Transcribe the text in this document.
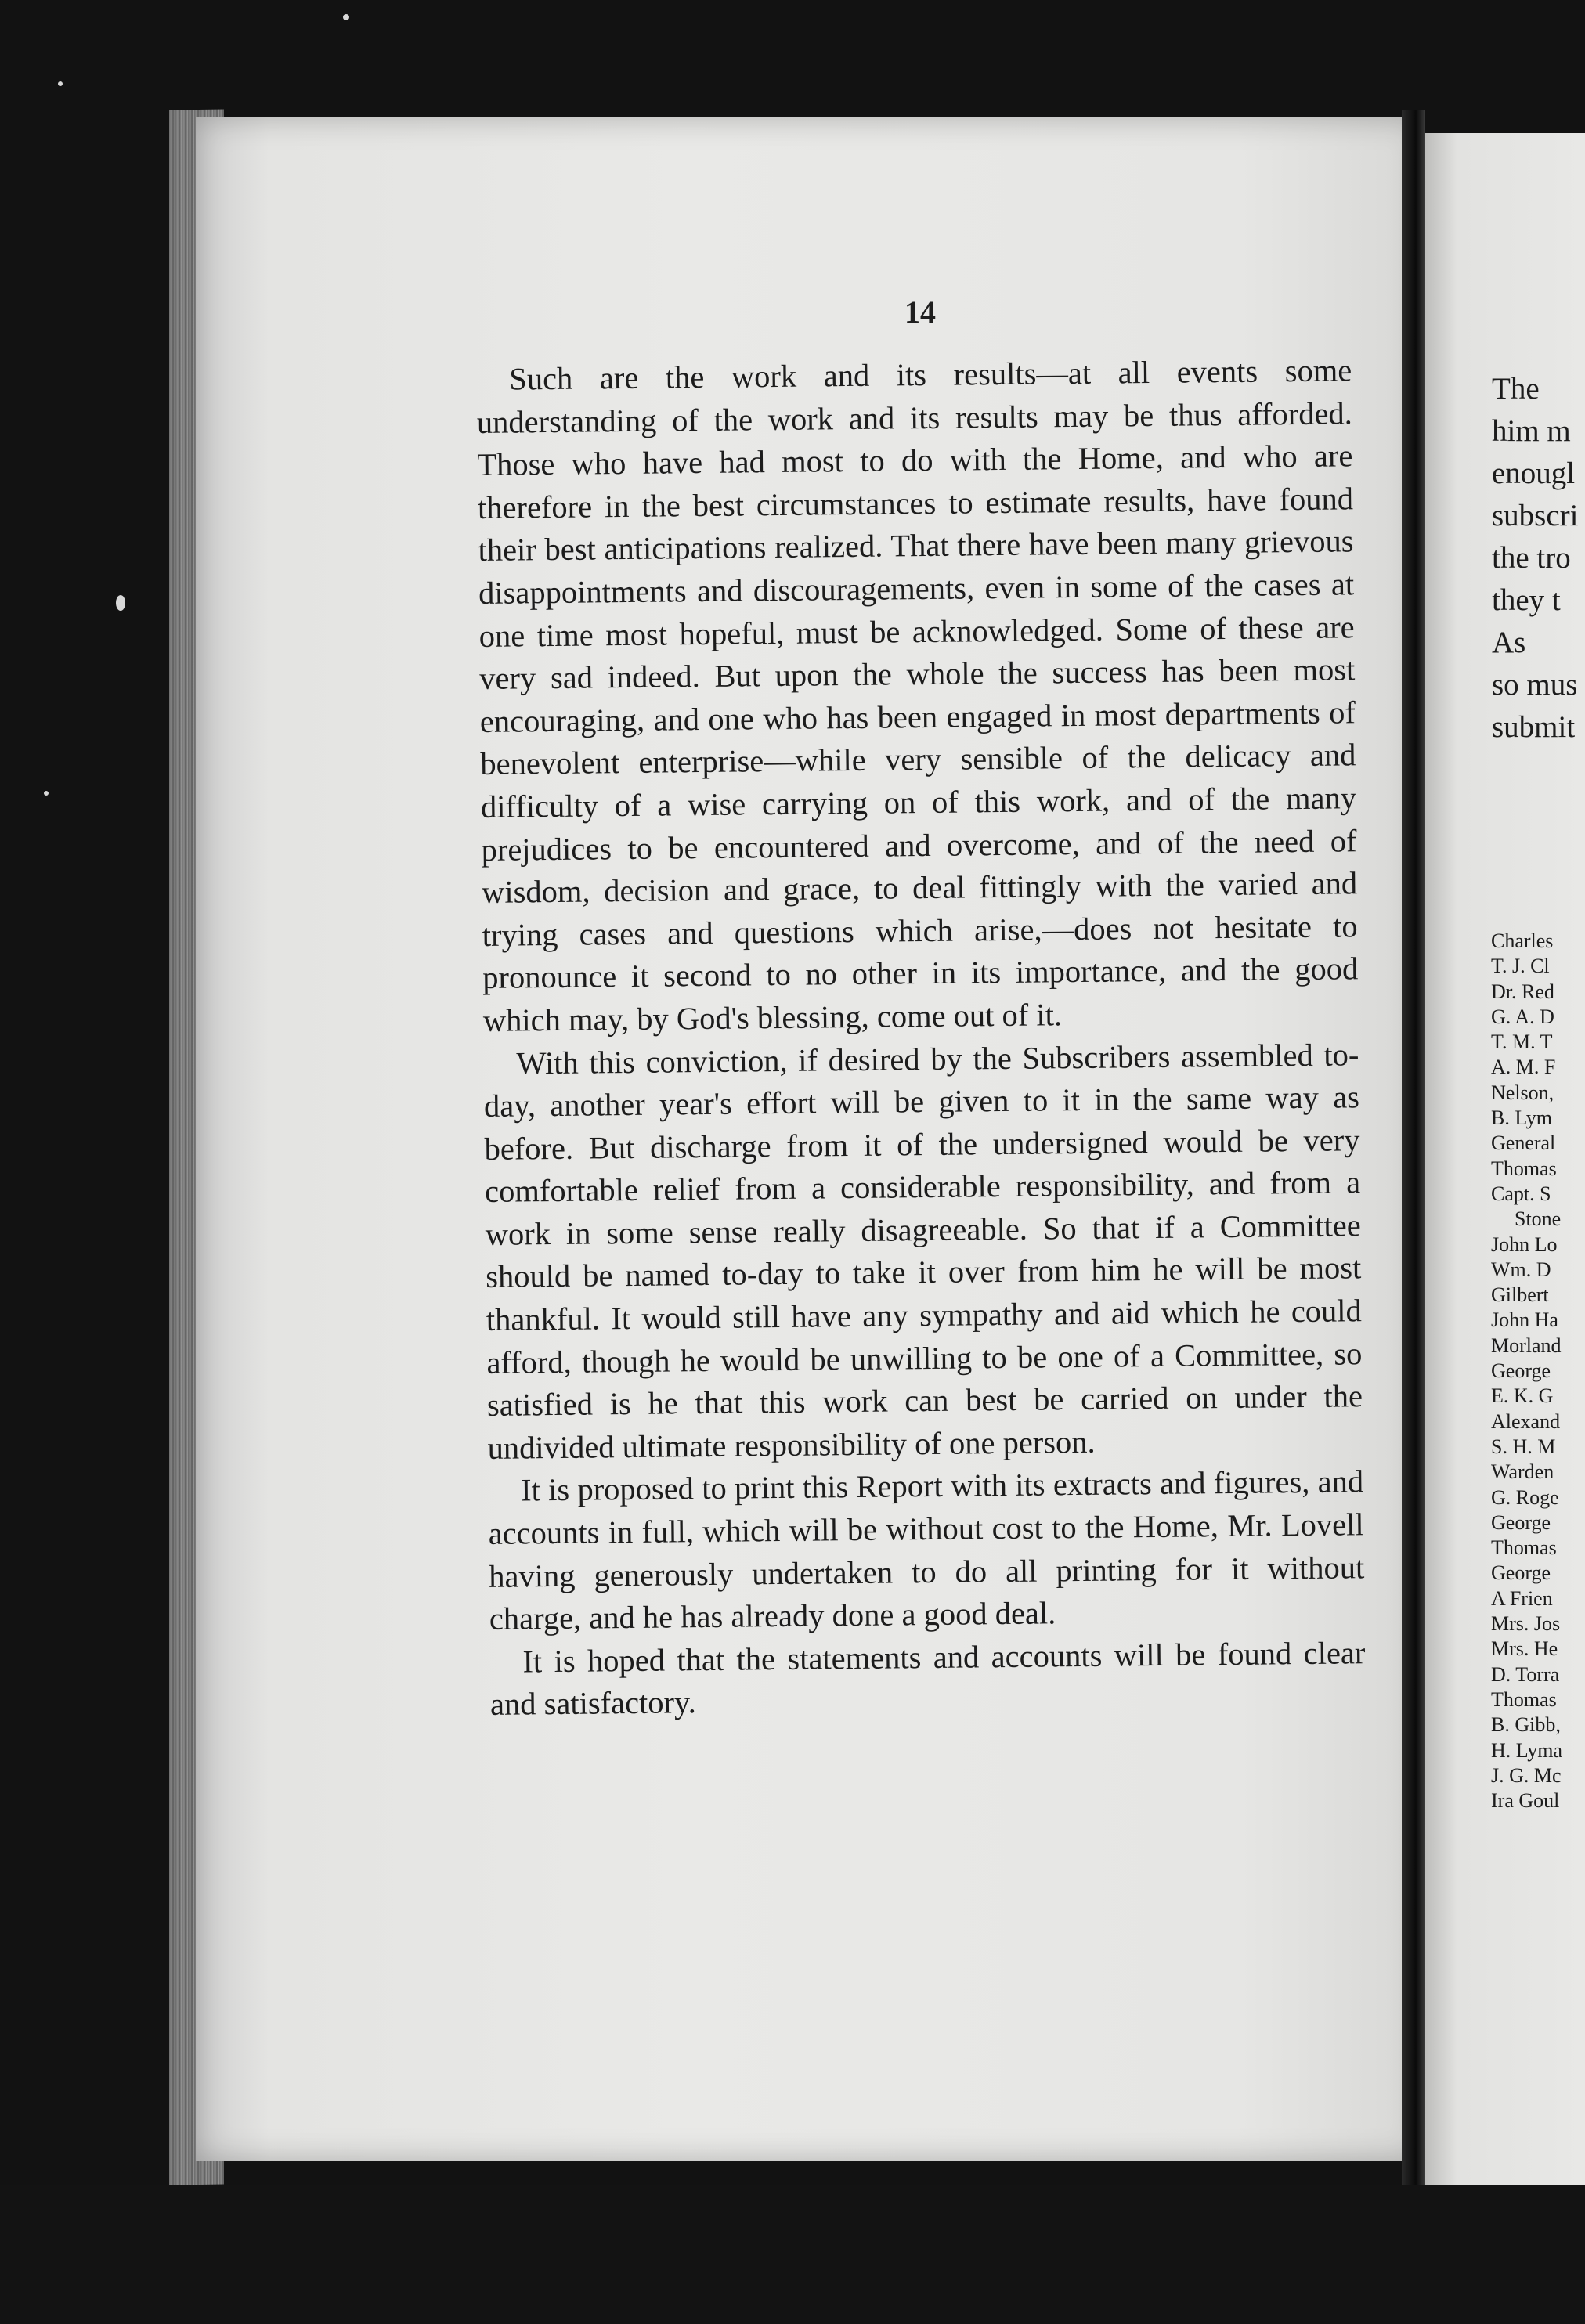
14

Such are the work and its results—at all events some understanding of the work and its results may be thus afforded. Those who have had most to do with the Home, and who are therefore in the best circumstances to estimate results, have found their best anticipations realized. That there have been many grievous disappointments and discouragements, even in some of the cases at one time most hopeful, must be acknowledged. Some of these are very sad indeed. But upon the whole the success has been most encouraging, and one who has been engaged in most departments of benevolent enterprise—while very sensible of the delicacy and difficulty of a wise carrying on of this work, and of the many prejudices to be encountered and overcome, and of the need of wisdom, decision and grace, to deal fittingly with the varied and trying cases and questions which arise,—does not hesitate to pronounce it second to no other in its importance, and the good which may, by God's blessing, come out of it.

With this conviction, if desired by the Subscribers assembled to-day, another year's effort will be given to it in the same way as before. But discharge from it of the undersigned would be very comfortable relief from a considerable responsibility, and from a work in some sense really disagreeable. So that if a Committee should be named to-day to take it over from him he will be most thankful. It would still have any sympathy and aid which he could afford, though he would be unwilling to be one of a Committee, so satisfied is he that this work can best be carried on under the undivided ultimate responsibility of one person.

It is proposed to print this Report with its extracts and figures, and accounts in full, which will be without cost to the Home, Mr. Lovell having generously undertaken to do all printing for it without charge, and he has already done a good deal.

It is hoped that the statements and accounts will be found clear and satisfactory.

The
him m
enougl
subscri
the tro
they t
As
so mus
submit
Charles
T. J. Cl
Dr. Red
G. A. D
T. M. T
A. M. F
Nelson,
B. Lym
General
Thomas
Capt. S
Stone
John Lo
Wm. D
Gilbert
John Ha
Morland
George
E. K. G
Alexand
S. H. M
Warden
G. Roge
George
Thomas
George
A Frien
Mrs. Jos
Mrs. He
D. Torra
Thomas
B. Gibb,
H. Lyma
J. G. Mc
Ira Goul
